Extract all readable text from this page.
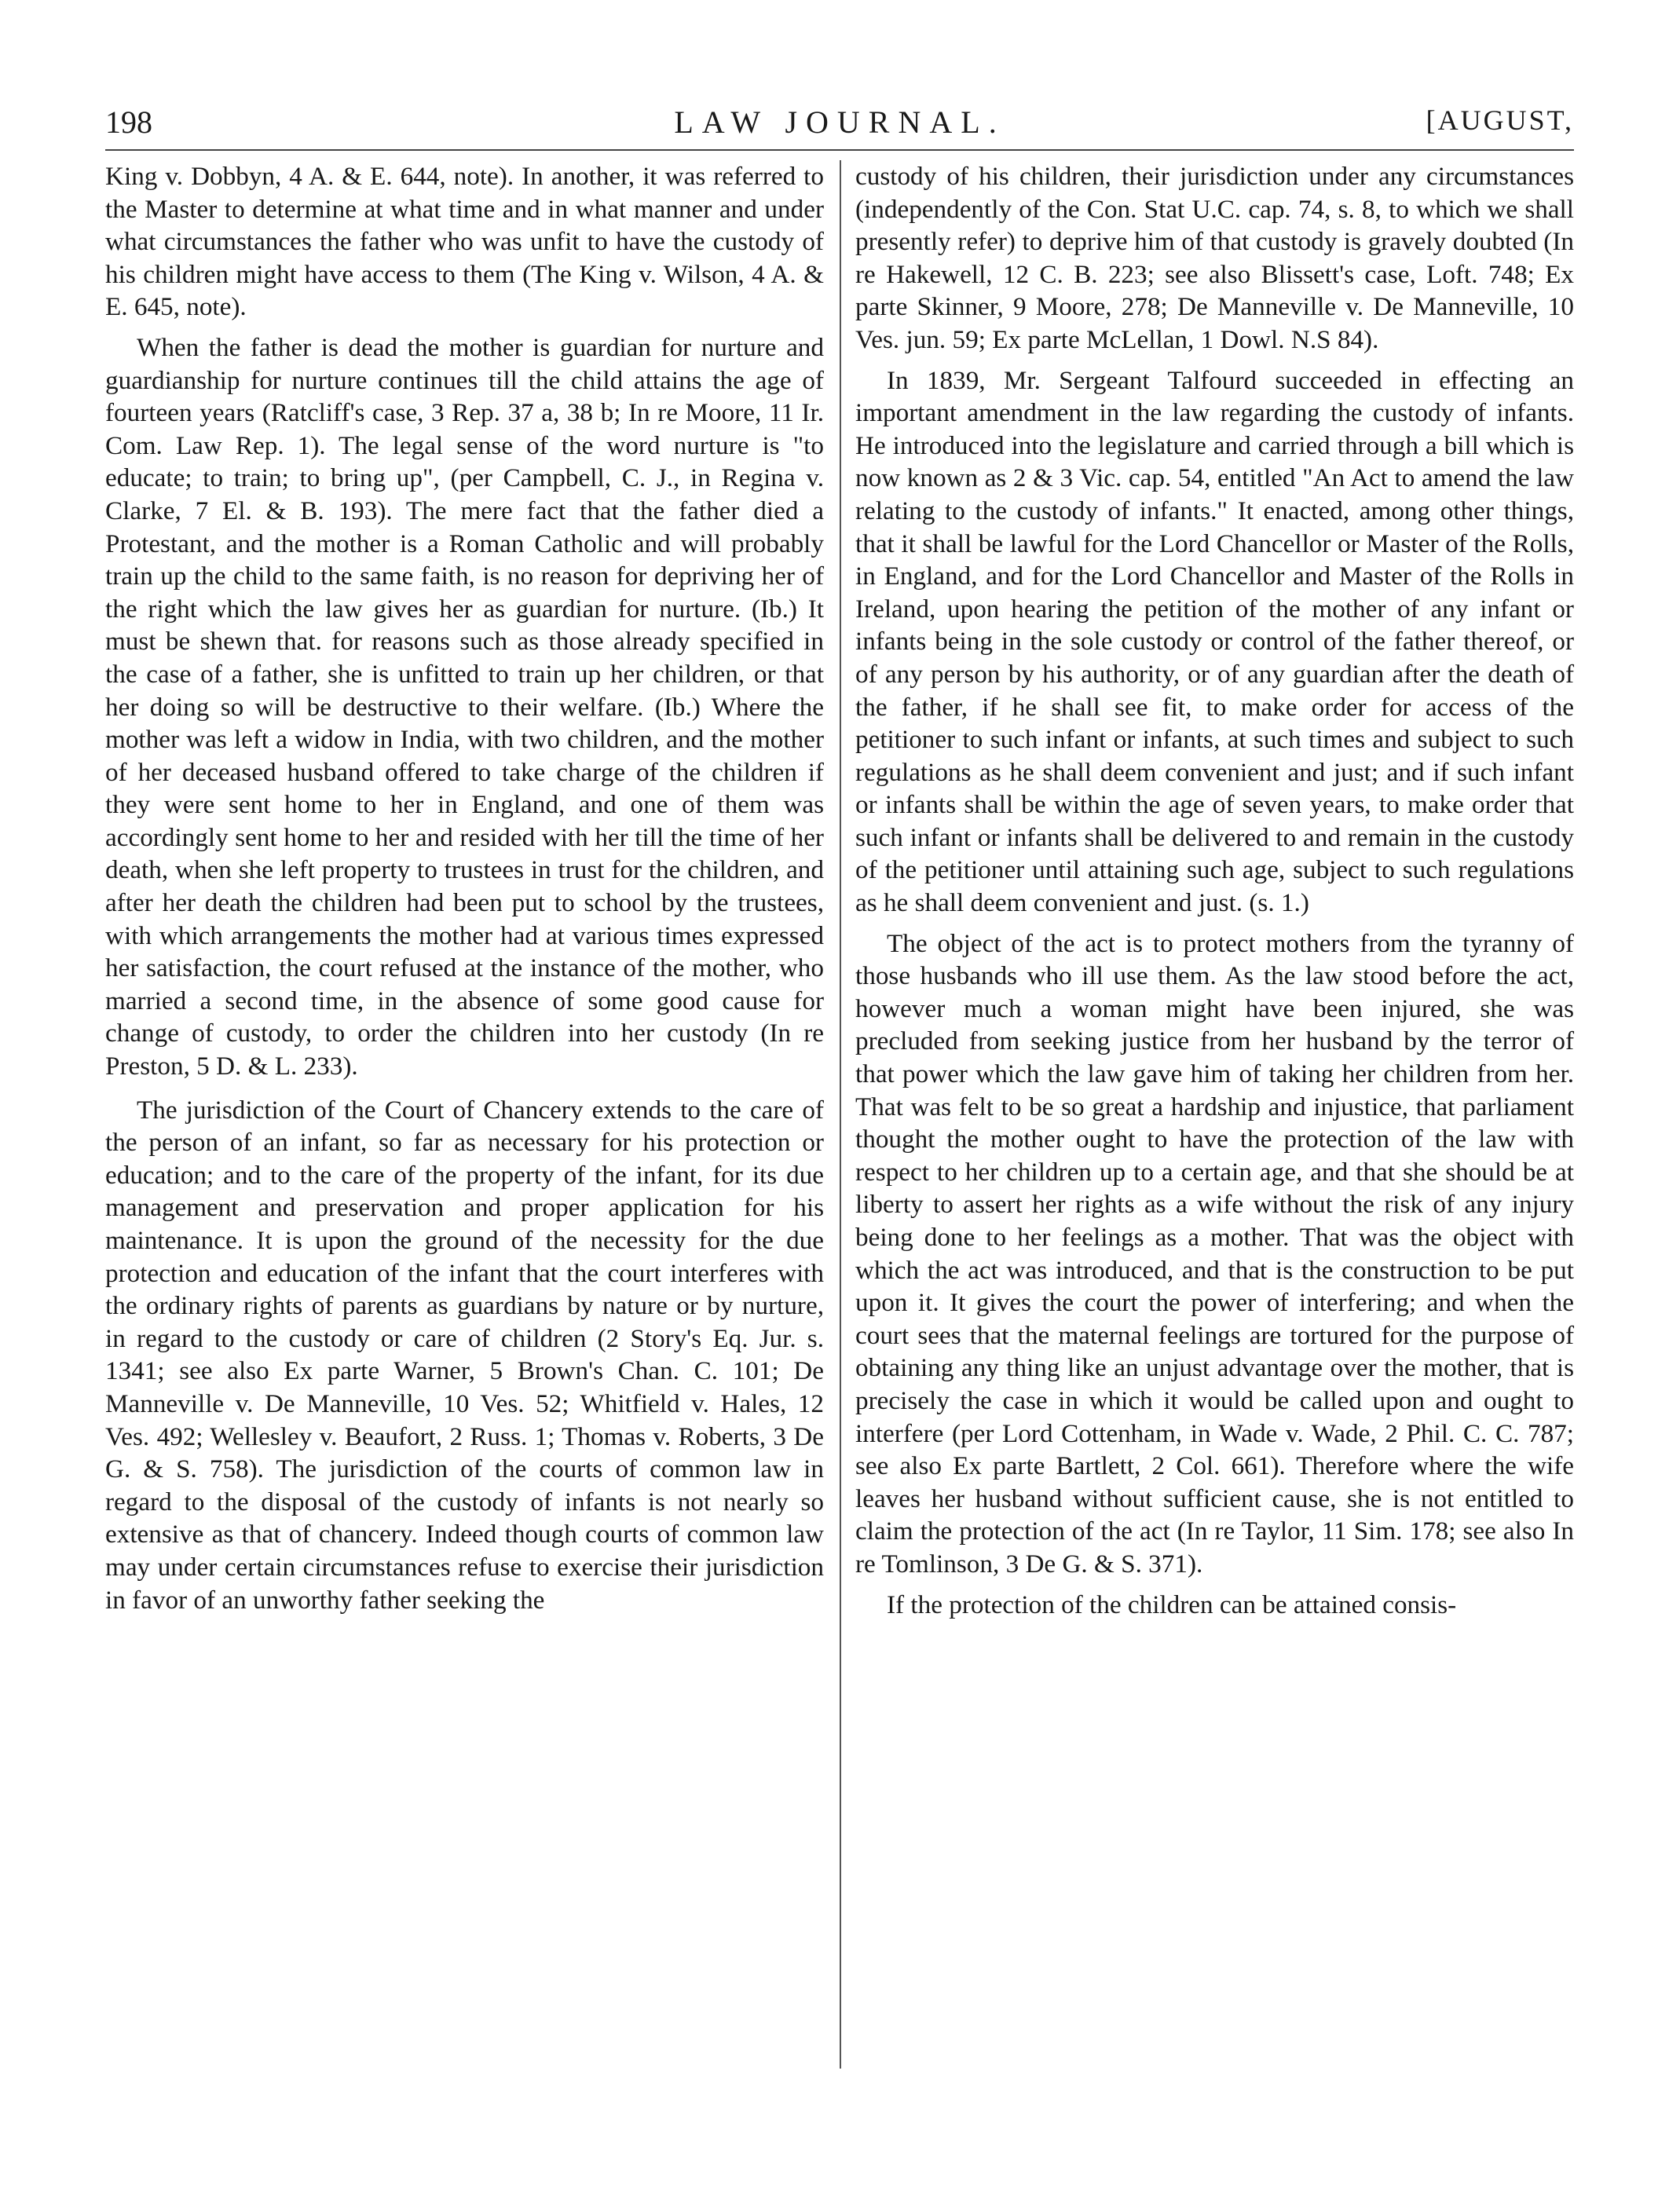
198	LAW JOURNAL.	[AUGUST,

King v. Dobbyn, 4 A. & E. 644, note). In another, it was referred to the Master to determine at what time and in what manner and under what circumstances the father who was unfit to have the custody of his children might have access to them (The King v. Wilson, 4 A. & E. 645, note).

When the father is dead the mother is guardian for nurture and guardianship for nurture continues till the child attains the age of fourteen years (Ratcliff's case, 3 Rep. 37 a, 38 b; In re Moore, 11 Ir. Com. Law Rep. 1). The legal sense of the word nurture is "to educate; to train; to bring up", (per Campbell, C. J., in Regina v. Clarke, 7 El. & B. 193). The mere fact that the father died a Protestant, and the mother is a Roman Catholic and will probably train up the child to the same faith, is no reason for depriving her of the right which the law gives her as guardian for nurture. (Ib.) It must be shewn that. for reasons such as those already specified in the case of a father, she is unfitted to train up her children, or that her doing so will be destructive to their welfare. (Ib.) Where the mother was left a widow in India, with two children, and the mother of her deceased husband offered to take charge of the children if they were sent home to her in England, and one of them was accordingly sent home to her and resided with her till the time of her death, when she left property to trustees in trust for the children, and after her death the children had been put to school by the trustees, with which arrangements the mother had at various times expressed her satisfaction, the court refused at the instance of the mother, who married a second time, in the absence of some good cause for change of custody, to order the children into her custody (In re Preston, 5 D. & L. 233).

The jurisdiction of the Court of Chancery extends to the care of the person of an infant, so far as necessary for his protection or education; and to the care of the property of the infant, for its due management and preservation and proper application for his maintenance. It is upon the ground of the necessity for the due protection and education of the infant that the court interferes with the ordinary rights of parents as guardians by nature or by nurture, in regard to the custody or care of children (2 Story's Eq. Jur. s. 1341; see also Ex parte Warner, 5 Brown's Chan. C. 101; De Manneville v. De Manneville, 10 Ves. 52; Whitfield v. Hales, 12 Ves. 492; Wellesley v. Beaufort, 2 Russ. 1; Thomas v. Roberts, 3 De G. & S. 758). The jurisdiction of the courts of common law in regard to the disposal of the custody of infants is not nearly so extensive as that of chancery. Indeed though courts of common law may under certain circumstances refuse to exercise their jurisdiction in favor of an unworthy father seeking the

custody of his children, their jurisdiction under any circumstances (independently of the Con. Stat U.C. cap. 74, s. 8, to which we shall presently refer) to deprive him of that custody is gravely doubted (In re Hakewell, 12 C. B. 223; see also Blissett's case, Loft. 748; Ex parte Skinner, 9 Moore, 278; De Manneville v. De Manneville, 10 Ves. jun. 59; Ex parte McLellan, 1 Dowl. N.S 84).

In 1839, Mr. Sergeant Talfourd succeeded in effecting an important amendment in the law regarding the custody of infants. He introduced into the legislature and carried through a bill which is now known as 2 & 3 Vic. cap. 54, entitled "An Act to amend the law relating to the custody of infants." It enacted, among other things, that it shall be lawful for the Lord Chancellor or Master of the Rolls, in England, and for the Lord Chancellor and Master of the Rolls in Ireland, upon hearing the petition of the mother of any infant or infants being in the sole custody or control of the father thereof, or of any person by his authority, or of any guardian after the death of the father, if he shall see fit, to make order for access of the petitioner to such infant or infants, at such times and subject to such regulations as he shall deem convenient and just; and if such infant or infants shall be within the age of seven years, to make order that such infant or infants shall be delivered to and remain in the custody of the petitioner until attaining such age, subject to such regulations as he shall deem convenient and just. (s. 1.)

The object of the act is to protect mothers from the tyranny of those husbands who ill use them. As the law stood before the act, however much a woman might have been injured, she was precluded from seeking justice from her husband by the terror of that power which the law gave him of taking her children from her. That was felt to be so great a hardship and injustice, that parliament thought the mother ought to have the protection of the law with respect to her children up to a certain age, and that she should be at liberty to assert her rights as a wife without the risk of any injury being done to her feelings as a mother. That was the object with which the act was introduced, and that is the construction to be put upon it. It gives the court the power of interfering; and when the court sees that the maternal feelings are tortured for the purpose of obtaining any thing like an unjust advantage over the mother, that is precisely the case in which it would be called upon and ought to interfere (per Lord Cottenham, in Wade v. Wade, 2 Phil. C. C. 787; see also Ex parte Bartlett, 2 Col. 661). Therefore where the wife leaves her husband without sufficient cause, she is not entitled to claim the protection of the act (In re Taylor, 11 Sim. 178; see also In re Tomlinson, 3 De G. & S. 371).

If the protection of the children can be attained consis-
